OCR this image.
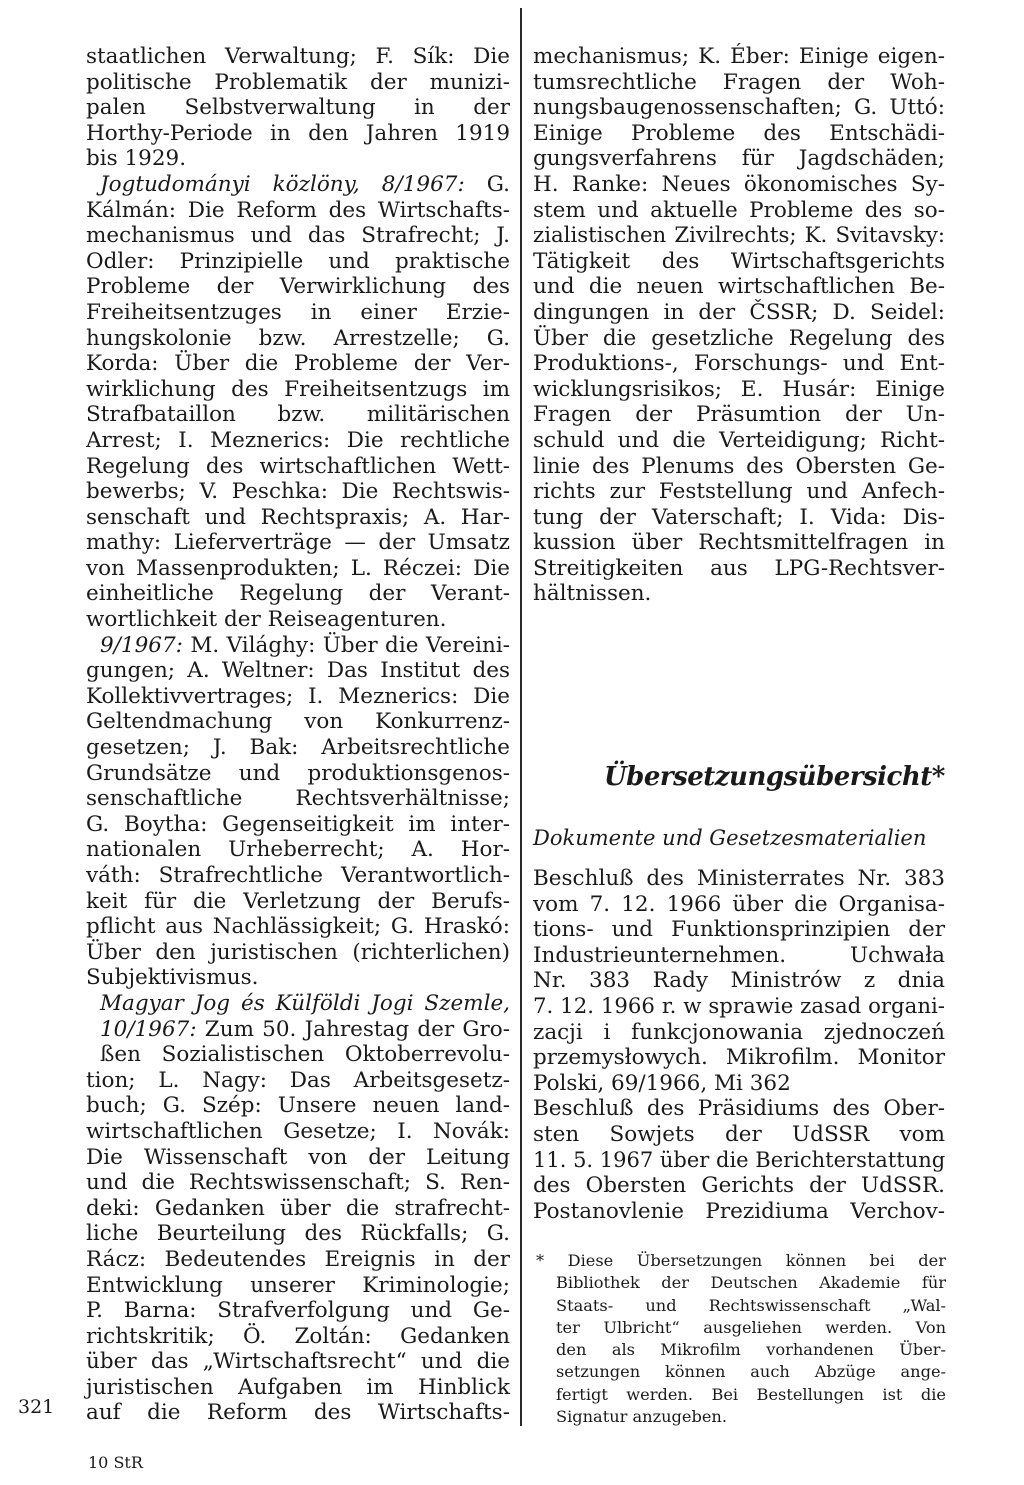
staatlichen Verwaltung; F. Sík: Die
politische Problematik der munizi-
palen Selbstverwaltung in der
Horthy-Periode in den Jahren 1919
bis 1929.
Jogtudományi közlöny, 8/1967: G.
Kálmán: Die Reform des Wirtschafts-
mechanismus und das Strafrecht; J.
Odler: Prinzipielle und praktische
Probleme der Verwirklichung des
Freiheitsentzuges in einer Erzie-
hungskolonie bzw. Arrestzelle; G.
Korda: Über die Probleme der Ver-
wirklichung des Freiheitsentzugs im
Strafbataillon bzw. militärischen
Arrest; I. Meznerics: Die rechtliche
Regelung des wirtschaftlichen Wett-
bewerbs; V. Peschka: Die Rechtswis-
senschaft und Rechtspraxis; A. Har-
mathy: Lieferverträge — der Umsatz
von Massenprodukten; L. Réczei: Die
einheitliche Regelung der Verant-
wortlichkeit der Reiseagenturen.
9/1967: M. Világhy: Über die Vereini-
gungen; A. Weltner: Das Institut des
Kollektivvertrages; I. Meznerics: Die
Geltendmachung von Konkurrenz-
gesetzen; J. Bak: Arbeitsrechtliche
Grundsätze und produktionsgenos-
senschaftliche Rechtsverhältnisse;
G. Boytha: Gegenseitigkeit im inter-
nationalen Urheberrecht; A. Hor-
váth: Strafrechtliche Verantwortlich-
keit für die Verletzung der Berufs-
pflicht aus Nachlässigkeit; G. Hraskó:
Über den juristischen (richterlichen)
Subjektivismus.
Magyar Jog és Külföldi Jogi Szemle,
10/1967: Zum 50. Jahrestag der Gro-
ßen Sozialistischen Oktoberrevolu-
tion; L. Nagy: Das Arbeitsgesetz-
buch; G. Szép: Unsere neuen land-
wirtschaftlichen Gesetze; I. Novák:
Die Wissenschaft von der Leitung
und die Rechtswissenschaft; S. Ren-
deki: Gedanken über die strafrecht-
liche Beurteilung des Rückfalls; G.
Rácz: Bedeutendes Ereignis in der
Entwicklung unserer Kriminologie;
P. Barna: Strafverfolgung und Ge-
richtskritik; Ö. Zoltán: Gedanken
über das „Wirtschaftsrecht“ und die
juristischen Aufgaben im Hinblick
auf die Reform des Wirtschafts-
mechanismus; K. Éber: Einige eigen-
tumsrechtliche Fragen der Woh-
nungsbaugenossenschaften; G. Uttó:
Einige Probleme des Entschädi-
gungsverfahrens für Jagdschäden;
H. Ranke: Neues ökonomisches Sy-
stem und aktuelle Probleme des so-
zialistischen Zivilrechts; K. Svitavsky:
Tätigkeit des Wirtschaftsgerichts
und die neuen wirtschaftlichen Be-
dingungen in der ČSSR; D. Seidel:
Über die gesetzliche Regelung des
Produktions-, Forschungs- und Ent-
wicklungsrisikos; E. Husár: Einige
Fragen der Präsumtion der Un-
schuld und die Verteidigung; Richt-
linie des Plenums des Obersten Ge-
richts zur Feststellung und Anfech-
tung der Vaterschaft; I. Vida: Dis-
kussion über Rechtsmittelfragen in
Streitigkeiten aus LPG-Rechtsver-
hältnissen.
Übersetzungsübersicht*
Dokumente und Gesetzesmaterialien
Beschluß des Ministerrates Nr. 383
vom 7. 12. 1966 über die Organisa-
tions- und Funktionsprinzipien der
Industrieunternehmen. Uchwała
Nr. 383 Rady Ministrów z dnia
7. 12. 1966 r. w sprawie zasad organi-
zacji i funkcjonowania zjednoczeń
przemysłowych. Mikrofilm. Monitor
Polski, 69/1966, Mi 362
Beschluß des Präsidiums des Ober-
sten Sowjets der UdSSR vom
11. 5. 1967 über die Berichterstattung
des Obersten Gerichts der UdSSR.
Postanovlenie Prezidiuma Verchov-
* Diese Übersetzungen können bei der
Bibliothek der Deutschen Akademie für
Staats- und Rechtswissenschaft „Wal-
ter Ulbricht“ ausgeliehen werden. Von
den als Mikrofilm vorhandenen Über-
setzungen können auch Abzüge ange-
fertigt werden. Bei Bestellungen ist die
Signatur anzugeben.
321
10 StR
